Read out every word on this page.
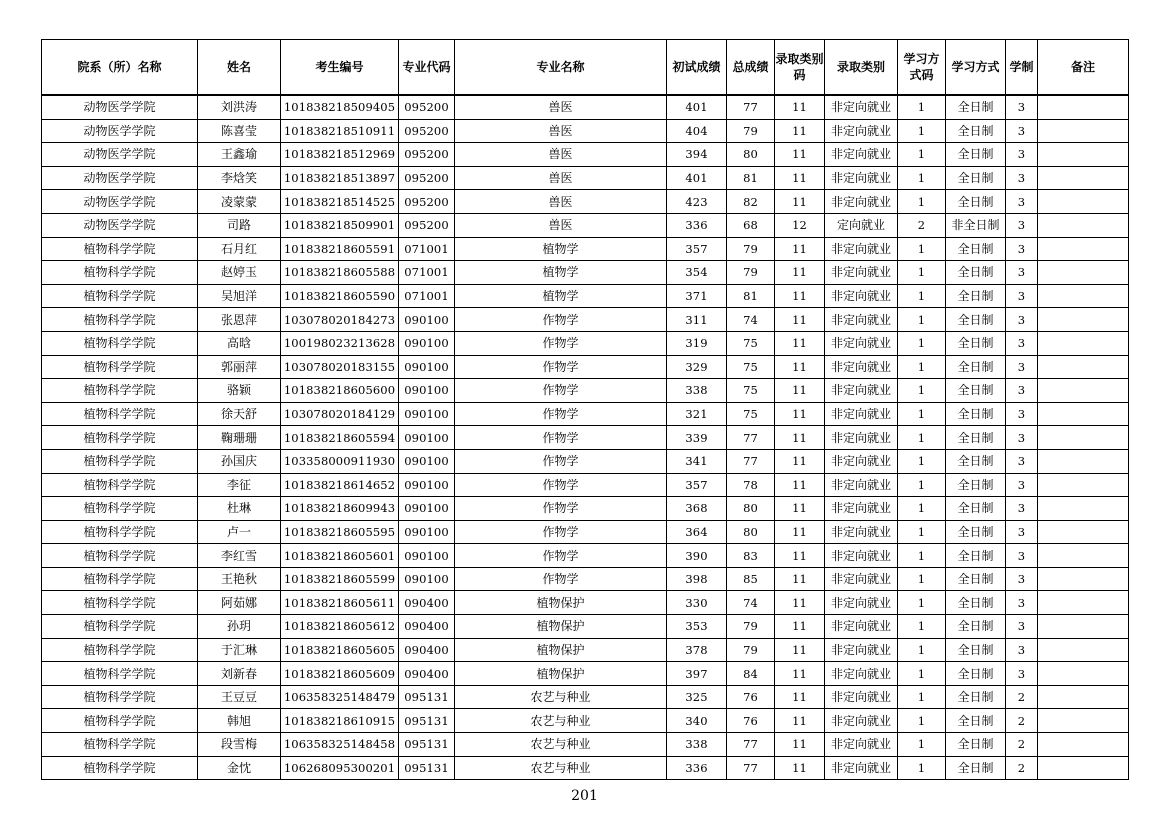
院系（所）名称	姓名	考生编号	专业代码	专业名称	初试成绩	总成绩	录取类别码	录取类别	学习方式码	学习方式	学制	备注
动物医学学院	刘洪涛	101838218509405	095200	兽医	401	77	11	非定向就业	1	全日制	3	
动物医学学院	陈喜莹	101838218510911	095200	兽医	404	79	11	非定向就业	1	全日制	3	
动物医学学院	王鑫瑜	101838218512969	095200	兽医	394	80	11	非定向就业	1	全日制	3	
动物医学学院	李焓笑	101838218513897	095200	兽医	401	81	11	非定向就业	1	全日制	3	
动物医学学院	凌蒙蒙	101838218514525	095200	兽医	423	82	11	非定向就业	1	全日制	3	
动物医学学院	司路	101838218509901	095200	兽医	336	68	12	定向就业	2	非全日制	3	
植物科学学院	石月红	101838218605591	071001	植物学	357	79	11	非定向就业	1	全日制	3	
植物科学学院	赵婷玉	101838218605588	071001	植物学	354	79	11	非定向就业	1	全日制	3	
植物科学学院	吴旭洋	101838218605590	071001	植物学	371	81	11	非定向就业	1	全日制	3	
植物科学学院	张恩萍	103078020184273	090100	作物学	311	74	11	非定向就业	1	全日制	3	
植物科学学院	高晗	100198023213628	090100	作物学	319	75	11	非定向就业	1	全日制	3	
植物科学学院	郭丽萍	103078020183155	090100	作物学	329	75	11	非定向就业	1	全日制	3	
植物科学学院	骆颖	101838218605600	090100	作物学	338	75	11	非定向就业	1	全日制	3	
植物科学学院	徐天舒	103078020184129	090100	作物学	321	75	11	非定向就业	1	全日制	3	
植物科学学院	鞠珊珊	101838218605594	090100	作物学	339	77	11	非定向就业	1	全日制	3	
植物科学学院	孙国庆	103358000911930	090100	作物学	341	77	11	非定向就业	1	全日制	3	
植物科学学院	李征	101838218614652	090100	作物学	357	78	11	非定向就业	1	全日制	3	
植物科学学院	杜琳	101838218609943	090100	作物学	368	80	11	非定向就业	1	全日制	3	
植物科学学院	卢一	101838218605595	090100	作物学	364	80	11	非定向就业	1	全日制	3	
植物科学学院	李红雪	101838218605601	090100	作物学	390	83	11	非定向就业	1	全日制	3	
植物科学学院	王艳秋	101838218605599	090100	作物学	398	85	11	非定向就业	1	全日制	3	
植物科学学院	阿茹娜	101838218605611	090400	植物保护	330	74	11	非定向就业	1	全日制	3	
植物科学学院	孙玥	101838218605612	090400	植物保护	353	79	11	非定向就业	1	全日制	3	
植物科学学院	于汇琳	101838218605605	090400	植物保护	378	79	11	非定向就业	1	全日制	3	
植物科学学院	刘新春	101838218605609	090400	植物保护	397	84	11	非定向就业	1	全日制	3	
植物科学学院	王豆豆	106358325148479	095131	农艺与种业	325	76	11	非定向就业	1	全日制	2	
植物科学学院	韩旭	101838218610915	095131	农艺与种业	340	76	11	非定向就业	1	全日制	2	
植物科学学院	段雪梅	106358325148458	095131	农艺与种业	338	77	11	非定向就业	1	全日制	2	
植物科学学院	金忱	106268095300201	095131	农艺与种业	336	77	11	非定向就业	1	全日制	2	
201
